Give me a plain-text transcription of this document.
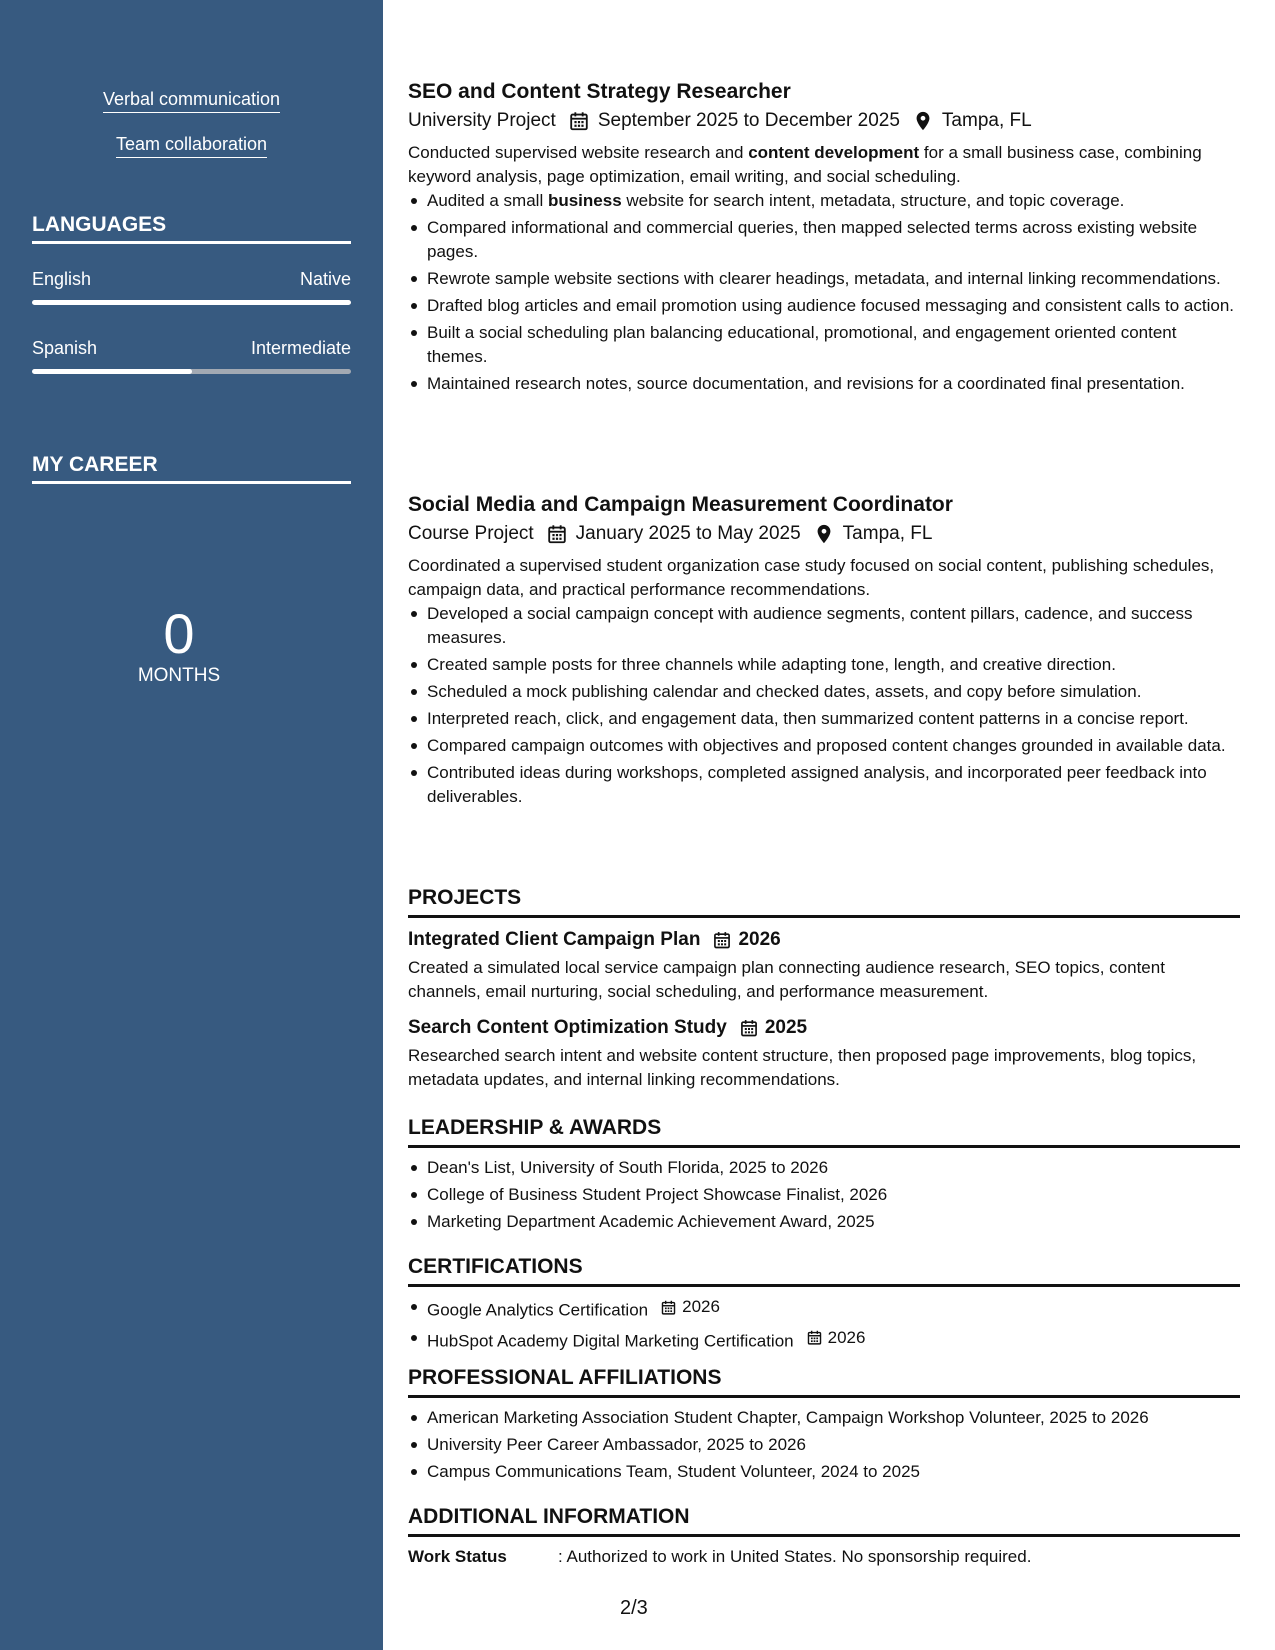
Verbal communication
Team collaboration
LANGUAGES
English	Native
Spanish	Intermediate
MY CAREER
0
MONTHS
SEO and Content Strategy Researcher
University Project September 2025 to December 2025 Tampa, FL
Conducted supervised website research and content development for a small business case, combining keyword analysis, page optimization, email writing, and social scheduling.
Audited a small business website for search intent, metadata, structure, and topic coverage.
Compared informational and commercial queries, then mapped selected terms across existing website pages.
Rewrote sample website sections with clearer headings, metadata, and internal linking recommendations.
Drafted blog articles and email promotion using audience focused messaging and consistent calls to action.
Built a social scheduling plan balancing educational, promotional, and engagement oriented content themes.
Maintained research notes, source documentation, and revisions for a coordinated final presentation.
Social Media and Campaign Measurement Coordinator
Course Project January 2025 to May 2025 Tampa, FL
Coordinated a supervised student organization case study focused on social content, publishing schedules, campaign data, and practical performance recommendations.
Developed a social campaign concept with audience segments, content pillars, cadence, and success measures.
Created sample posts for three channels while adapting tone, length, and creative direction.
Scheduled a mock publishing calendar and checked dates, assets, and copy before simulation.
Interpreted reach, click, and engagement data, then summarized content patterns in a concise report.
Compared campaign outcomes with objectives and proposed content changes grounded in available data.
Contributed ideas during workshops, completed assigned analysis, and incorporated peer feedback into deliverables.
PROJECTS
Integrated Client Campaign Plan 2026
Created a simulated local service campaign plan connecting audience research, SEO topics, content channels, email nurturing, social scheduling, and performance measurement.
Search Content Optimization Study 2025
Researched search intent and website content structure, then proposed page improvements, blog topics, metadata updates, and internal linking recommendations.
LEADERSHIP & AWARDS
Dean's List, University of South Florida, 2025 to 2026
College of Business Student Project Showcase Finalist, 2026
Marketing Department Academic Achievement Award, 2025
CERTIFICATIONS
Google Analytics Certification 2026
HubSpot Academy Digital Marketing Certification 2026
PROFESSIONAL AFFILIATIONS
American Marketing Association Student Chapter, Campaign Workshop Volunteer, 2025 to 2026
University Peer Career Ambassador, 2025 to 2026
Campus Communications Team, Student Volunteer, 2024 to 2025
ADDITIONAL INFORMATION
Work Status	: Authorized to work in United States. No sponsorship required.
2/3
